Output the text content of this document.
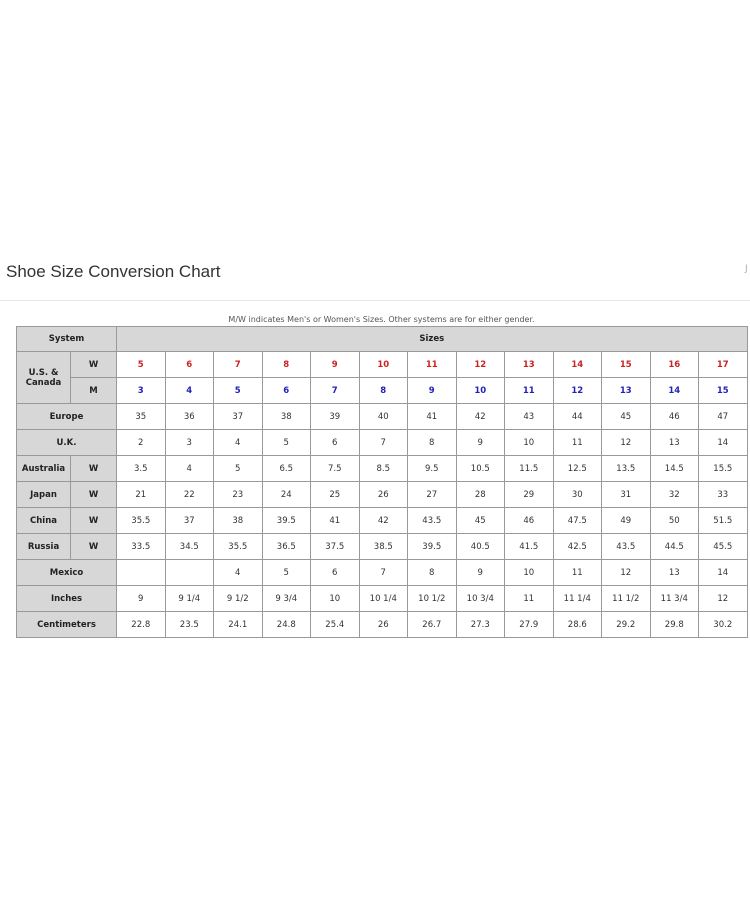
Shoe Size Conversion Chart	J
M/W indicates Men's or Women's Sizes. Other systems are for either gender.
System		Sizes												
U.S. &
Canada	W	5	6	7	8	9	10	11	12	13	14	15	16	17
	M	3	4	5	6	7	8	9	10	11	12	13	14	15
Europe		35	36	37	38	39	40	41	42	43	44	45	46	47
U.K.		2	3	4	5	6	7	8	9	10	11	12	13	14
Australia	W	3.5	4	5	6.5	7.5	8.5	9.5	10.5	11.5	12.5	13.5	14.5	15.5
Japan	W	21	22	23	24	25	26	27	28	29	30	31	32	33
China	W	35.5	37	38	39.5	41	42	43.5	45	46	47.5	49	50	51.5
Russia	W	33.5	34.5	35.5	36.5	37.5	38.5	39.5	40.5	41.5	42.5	43.5	44.5	45.5
Mexico				4	5	6	7	8	9	10	11	12	13	14
Inches		9	9 1/4	9 1/2	9 3/4	10	10 1/4	10 1/2	10 3/4	11	11 1/4	11 1/2	11 3/4	12
Centimeters		22.8	23.5	24.1	24.8	25.4	26	26.7	27.3	27.9	28.6	29.2	29.8	30.2
